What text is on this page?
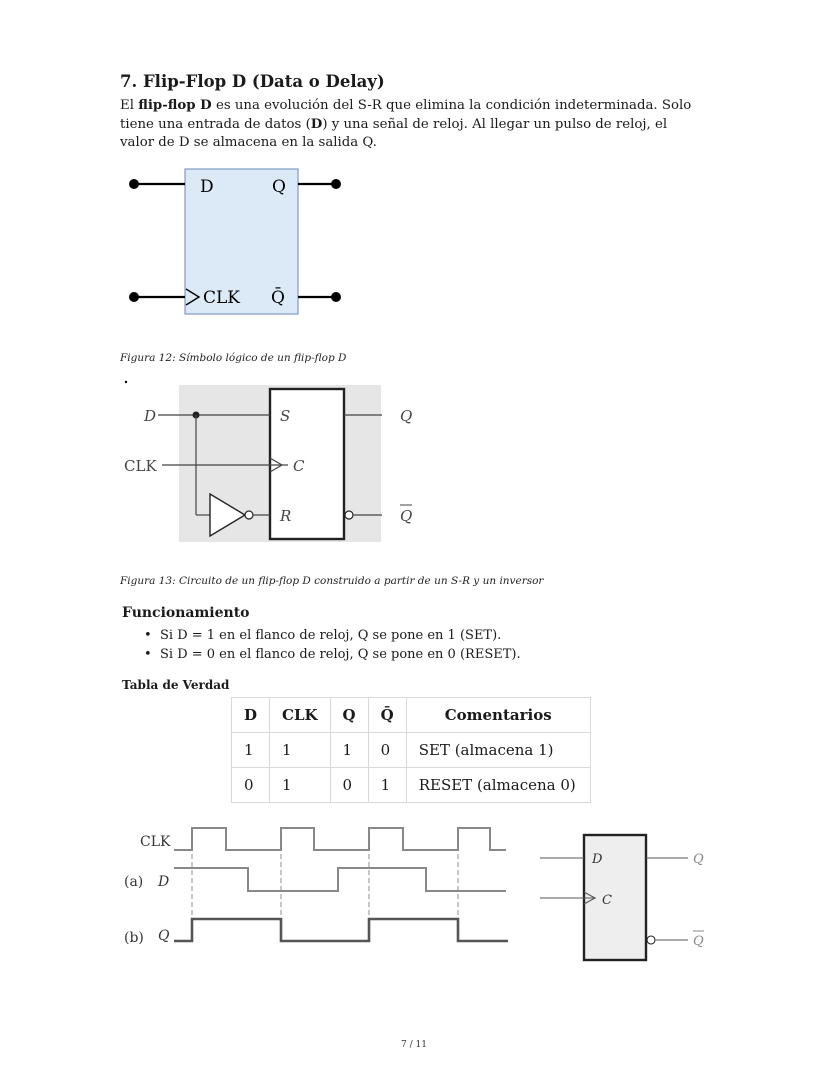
7. Flip-Flop D (Data o Delay)
El flip-flop D es una evolución del S-R que elimina la condición indeterminada. Solo tiene una entrada de datos (D) y una señal de reloj. Al llegar un pulso de reloj, el valor de D se almacena en la salida Q.
D	Q
CLK Q̄
Figura 12: Símbolo lógico de un flip-flop D
D
CLK
S
C
R
Q
Q
Figura 13: Circuito de un flip-flop D construido a partir de un S-R y un inversor
Funcionamiento
• Si D = 1 en el flanco de reloj, Q se pone en 1 (SET).
• Si D = 0 en el flanco de reloj, Q se pone en 0 (RESET).
Tabla de Verdad
D	CLK	Q	Q̄	Comentarios
1	1	1	0	SET (almacena 1)
0	1	0	1	RESET (almacena 0)
CLK
(a) D
(b) Q
D
C
Q
Q
7 / 11
